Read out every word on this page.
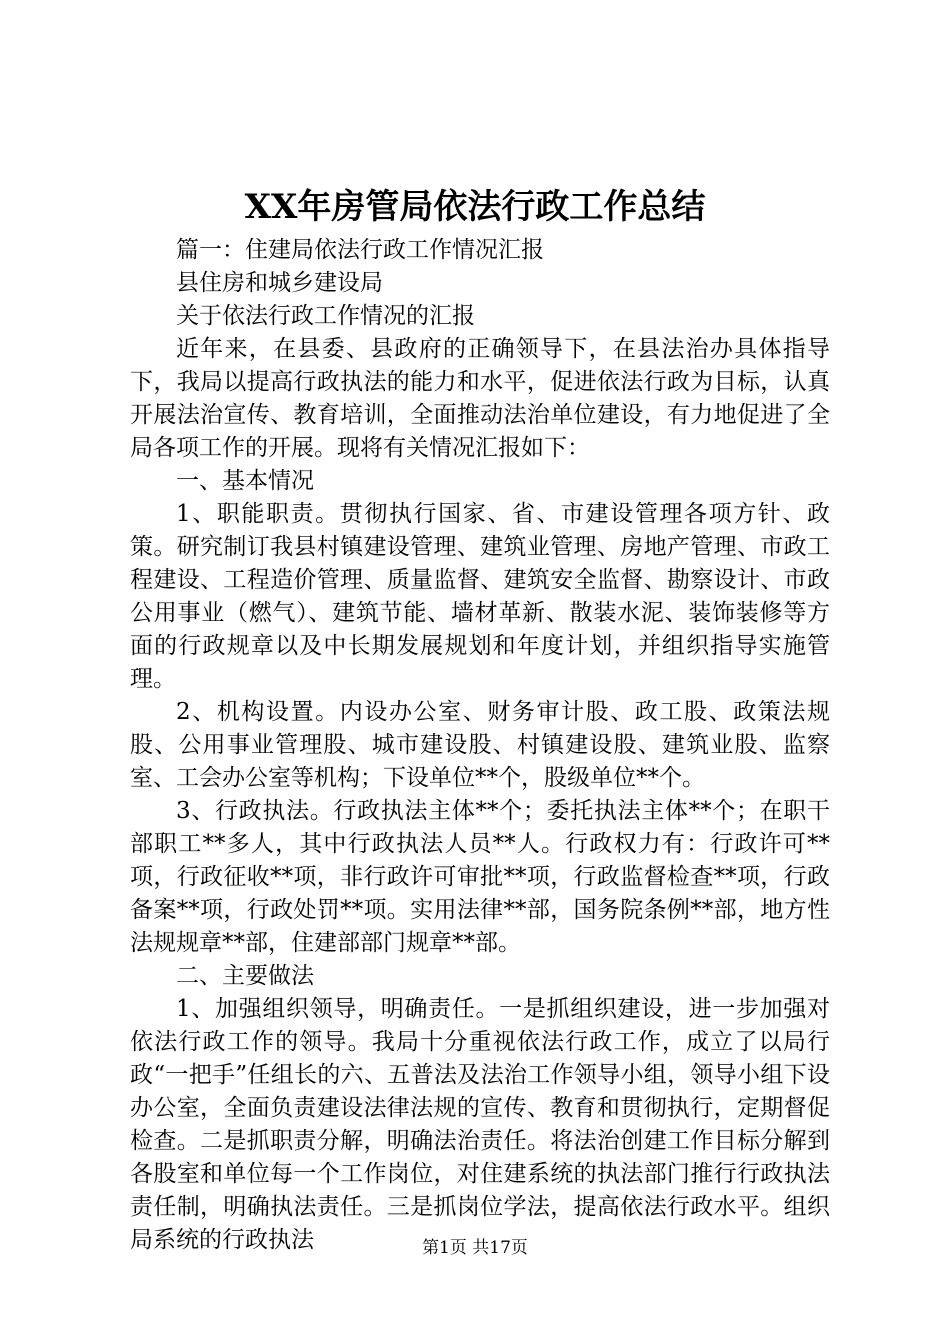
XX年房管局依法行政工作总结

篇一：住建局依法行政工作情况汇报

县住房和城乡建设局

关于依法行政工作情况的汇报

近年来，在县委、县政府的正确领导下，在县法治办具体指导下，我局以提高行政执法的能力和水平，促进依法行政为目标，认真开展法治宣传、教育培训，全面推动法治单位建设，有力地促进了全局各项工作的开展。现将有关情况汇报如下：

一、基本情况

1、职能职责。贯彻执行国家、省、市建设管理各项方针、政策。研究制订我县村镇建设管理、建筑业管理、房地产管理、市政工程建设、工程造价管理、质量监督、建筑安全监督、勘察设计、市政公用事业（燃气）、建筑节能、墙材革新、散装水泥、装饰装修等方面的行政规章以及中长期发展规划和年度计划，并组织指导实施管理。

2、机构设置。内设办公室、财务审计股、政工股、政策法规股、公用事业管理股、城市建设股、村镇建设股、建筑业股、监察室、工会办公室等机构；下设单位**个，股级单位**个。

3、行政执法。行政执法主体**个；委托执法主体**个；在职干部职工**多人，其中行政执法人员**人。行政权力有：行政许可**项，行政征收**项，非行政许可审批**项，行政监督检查**项，行政备案**项，行政处罚**项。实用法律**部，国务院条例**部，地方性法规规章**部，住建部部门规章**部。

二、主要做法

1、加强组织领导，明确责任。一是抓组织建设，进一步加强对依法行政工作的领导。我局十分重视依法行政工作，成立了以局行政“一把手”任组长的六、五普法及法治工作领导小组，领导小组下设办公室，全面负责建设法律法规的宣传、教育和贯彻执行，定期督促检查。二是抓职责分解，明确法治责任。将法治创建工作目标分解到各股室和单位每一个工作岗位，对住建系统的执法部门推行行政执法责任制，明确执法责任。三是抓岗位学法，提高依法行政水平。组织局系统的行政执法	第1页 共17页
